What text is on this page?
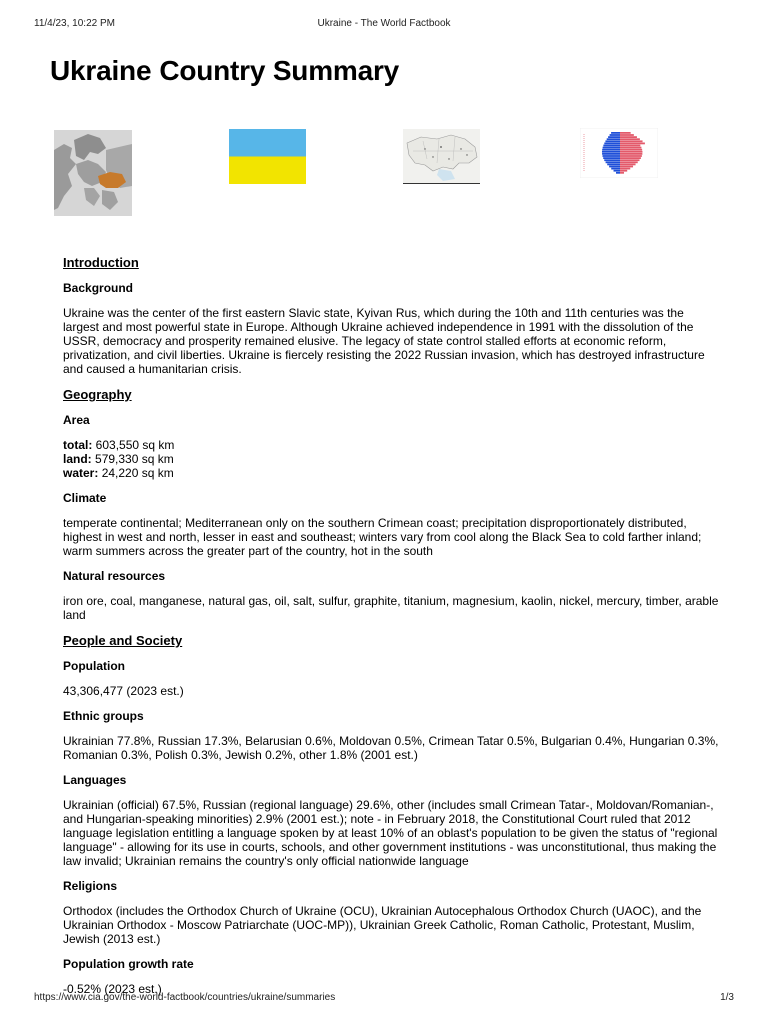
11/4/23, 10:22 PM	Ukraine - The World Factbook
Ukraine Country Summary
Introduction

Background

Ukraine was the center of the first eastern Slavic state, Kyivan Rus, which during the 10th and 11th centuries was the largest and most powerful state in Europe. Although Ukraine achieved independence in 1991 with the dissolution of the USSR, democracy and prosperity remained elusive. The legacy of state control stalled efforts at economic reform, privatization, and civil liberties. Ukraine is fiercely resisting the 2022 Russian invasion, which has destroyed infrastructure and caused a humanitarian crisis.

Geography

Area

total: 603,550 sq km
land: 579,330 sq km
water: 24,220 sq km

Climate

temperate continental; Mediterranean only on the southern Crimean coast; precipitation disproportionately distributed, highest in west and north, lesser in east and southeast; winters vary from cool along the Black Sea to cold farther inland; warm summers across the greater part of the country, hot in the south

Natural resources

iron ore, coal, manganese, natural gas, oil, salt, sulfur, graphite, titanium, magnesium, kaolin, nickel, mercury, timber, arable land

People and Society

Population

43,306,477 (2023 est.)

Ethnic groups

Ukrainian 77.8%, Russian 17.3%, Belarusian 0.6%, Moldovan 0.5%, Crimean Tatar 0.5%, Bulgarian 0.4%, Hungarian 0.3%, Romanian 0.3%, Polish 0.3%, Jewish 0.2%, other 1.8% (2001 est.)

Languages

Ukrainian (official) 67.5%, Russian (regional language) 29.6%, other (includes small Crimean Tatar-, Moldovan/Romanian-, and Hungarian-speaking minorities) 2.9% (2001 est.); note - in February 2018, the Constitutional Court ruled that 2012 language legislation entitling a language spoken by at least 10% of an oblast's population to be given the status of "regional language" - allowing for its use in courts, schools, and other government institutions - was unconstitutional, thus making the law invalid; Ukrainian remains the country's only official nationwide language

Religions

Orthodox (includes the Orthodox Church of Ukraine (OCU), Ukrainian Autocephalous Orthodox Church (UAOC), and the Ukrainian Orthodox - Moscow Patriarchate (UOC-MP)), Ukrainian Greek Catholic, Roman Catholic, Protestant, Muslim, Jewish (2013 est.)

Population growth rate

-0.52% (2023 est.)

https://www.cia.gov/the-world-factbook/countries/ukraine/summaries	1/3
